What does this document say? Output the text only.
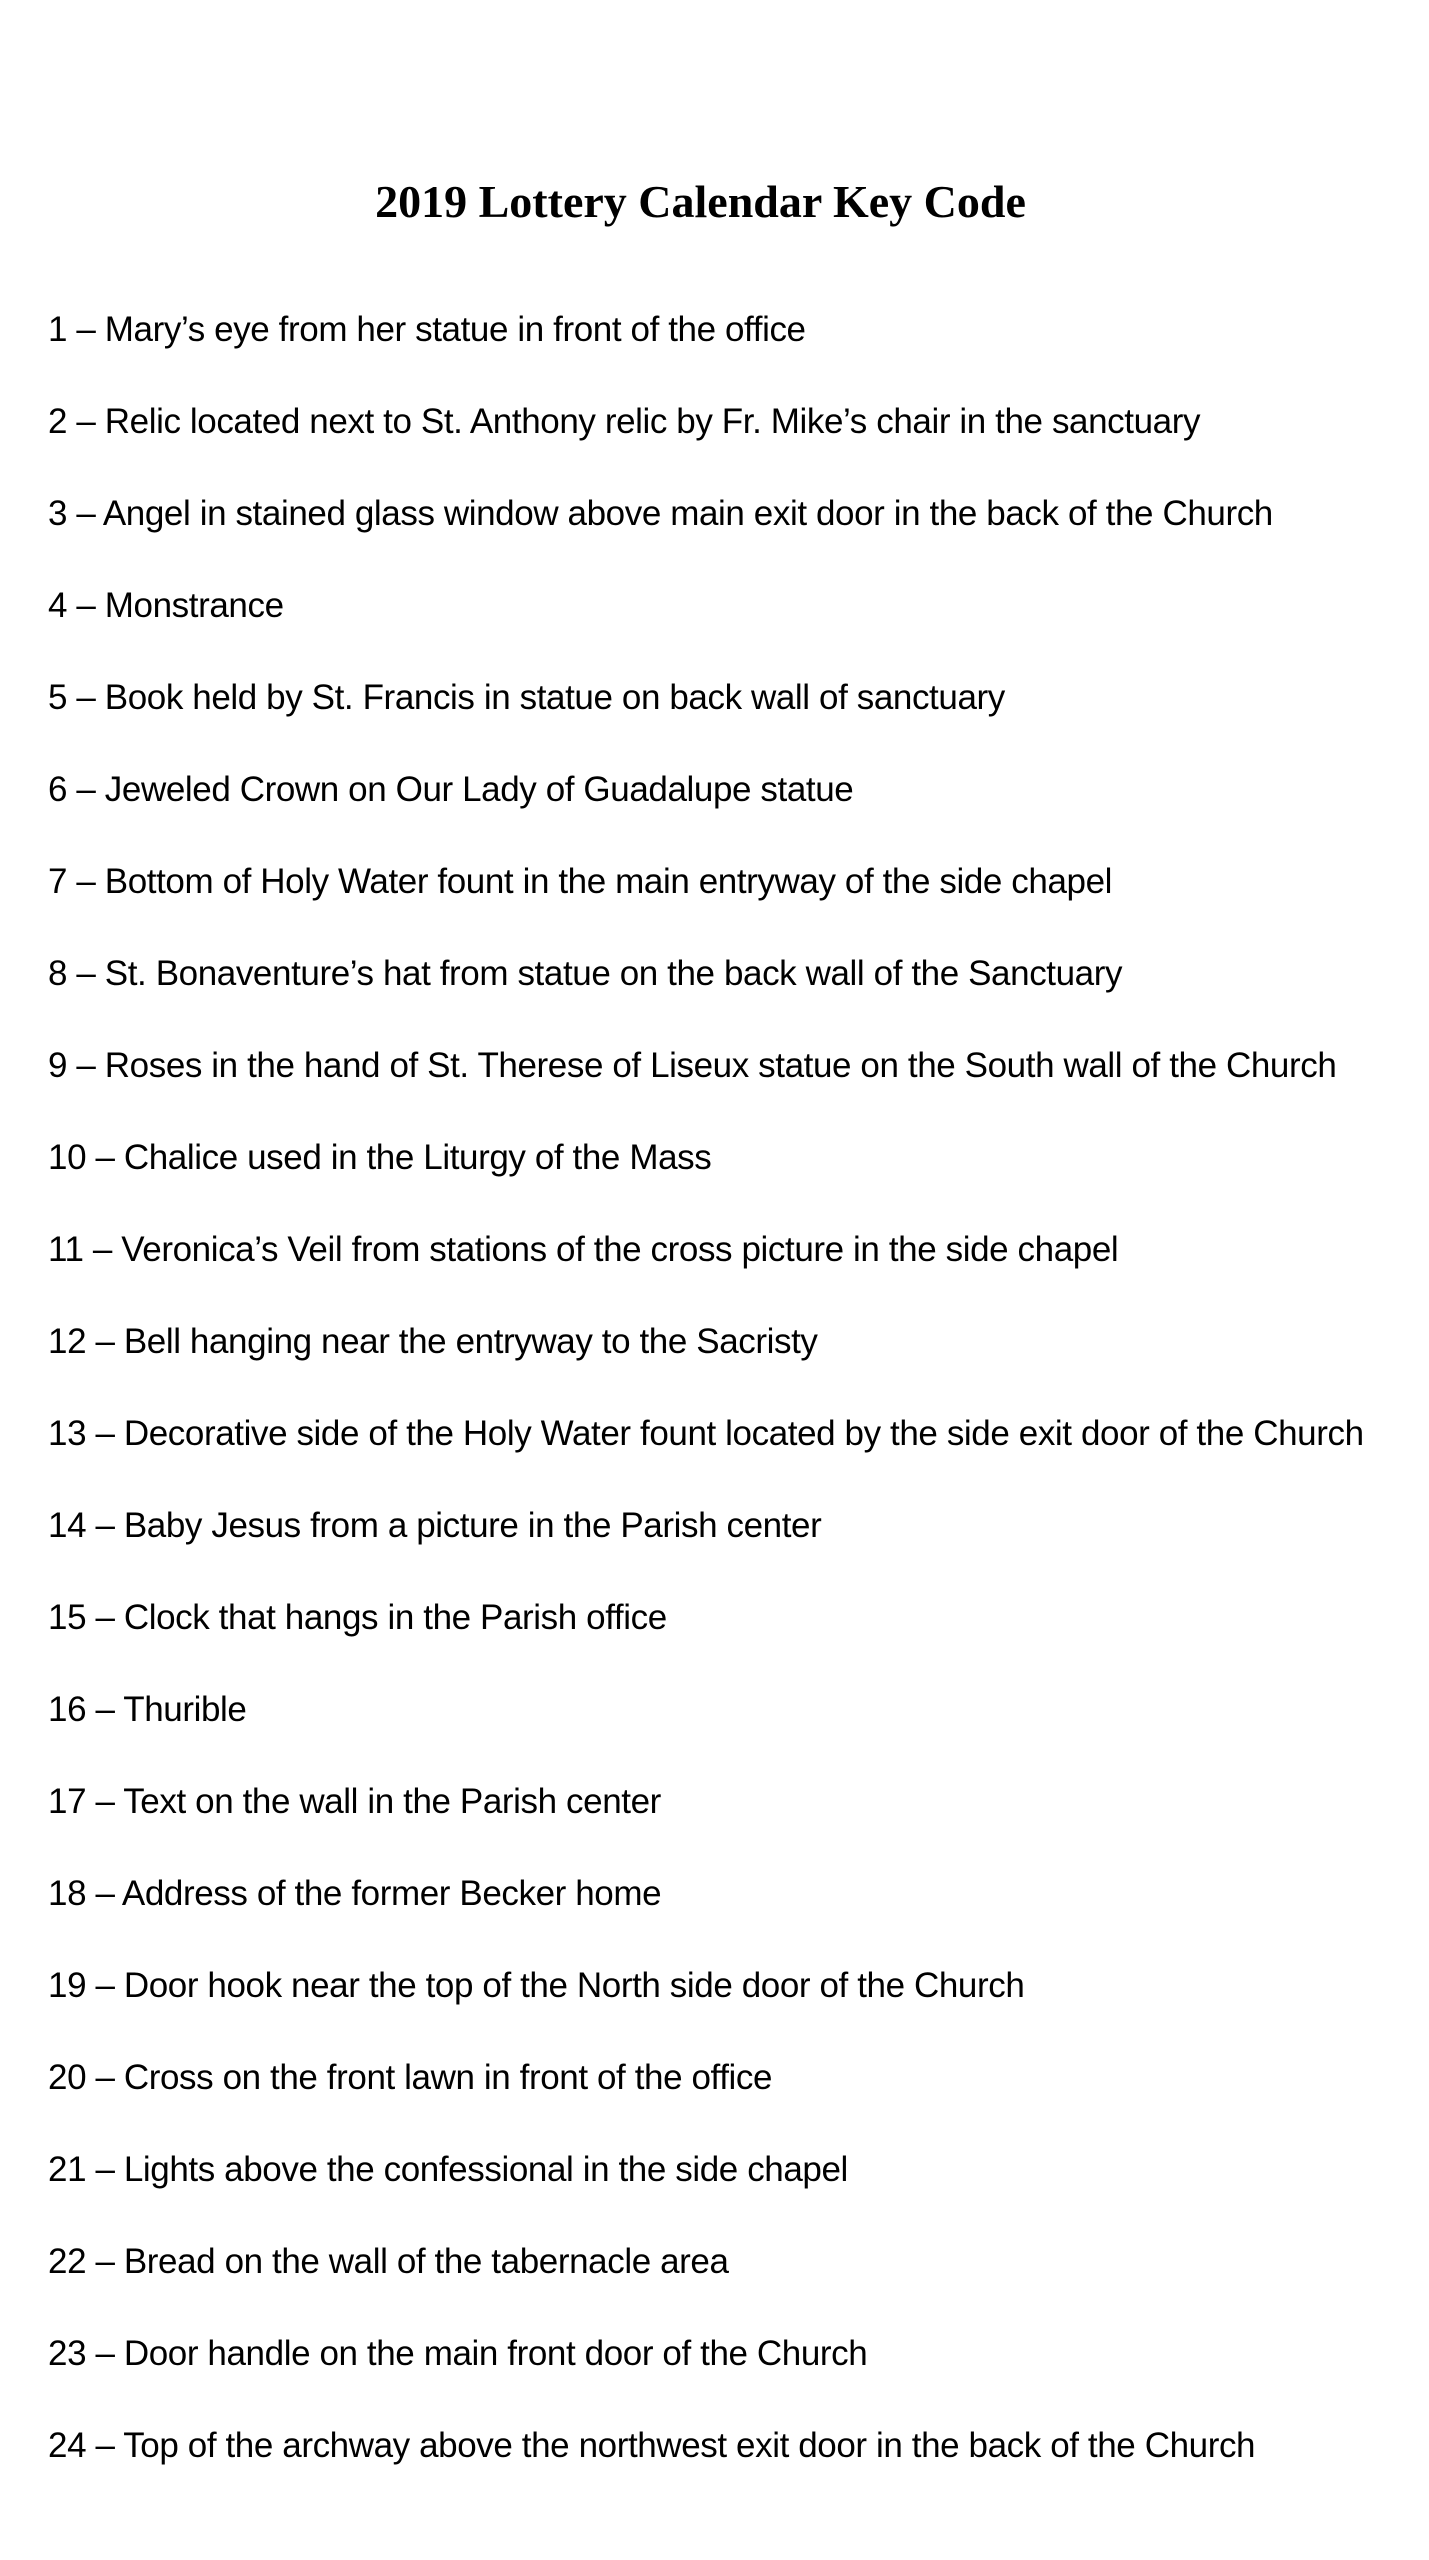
2019 Lottery Calendar Key Code
1 – Mary’s eye from her statue in front of the office
2 – Relic located next to St. Anthony relic by Fr. Mike’s chair in the sanctuary
3 – Angel in stained glass window above main exit door in the back of the Church
4 – Monstrance
5 – Book held by St. Francis in statue on back wall of sanctuary
6 – Jeweled Crown on Our Lady of Guadalupe statue
7 – Bottom of Holy Water fount in the main entryway of the side chapel
8 – St. Bonaventure’s hat from statue on the back wall of the Sanctuary
9 – Roses in the hand of St. Therese of Liseux statue on the South wall of the Church
10 – Chalice used in the Liturgy of the Mass
11 – Veronica’s Veil from stations of the cross picture in the side chapel
12 – Bell hanging near the entryway to the Sacristy
13 – Decorative side of the Holy Water fount located by the side exit door of the Church
14 – Baby Jesus from a picture in the Parish center
15 – Clock that hangs in the Parish office
16 – Thurible
17 – Text on the wall in the Parish center
18 – Address of the former Becker home
19 – Door hook near the top of the North side door of the Church
20 – Cross on the front lawn in front of the office
21 – Lights above the confessional in the side chapel
22 – Bread on the wall of the tabernacle area
23 – Door handle on the main front door of the Church
24 – Top of the archway above the northwest exit door in the back of the Church
